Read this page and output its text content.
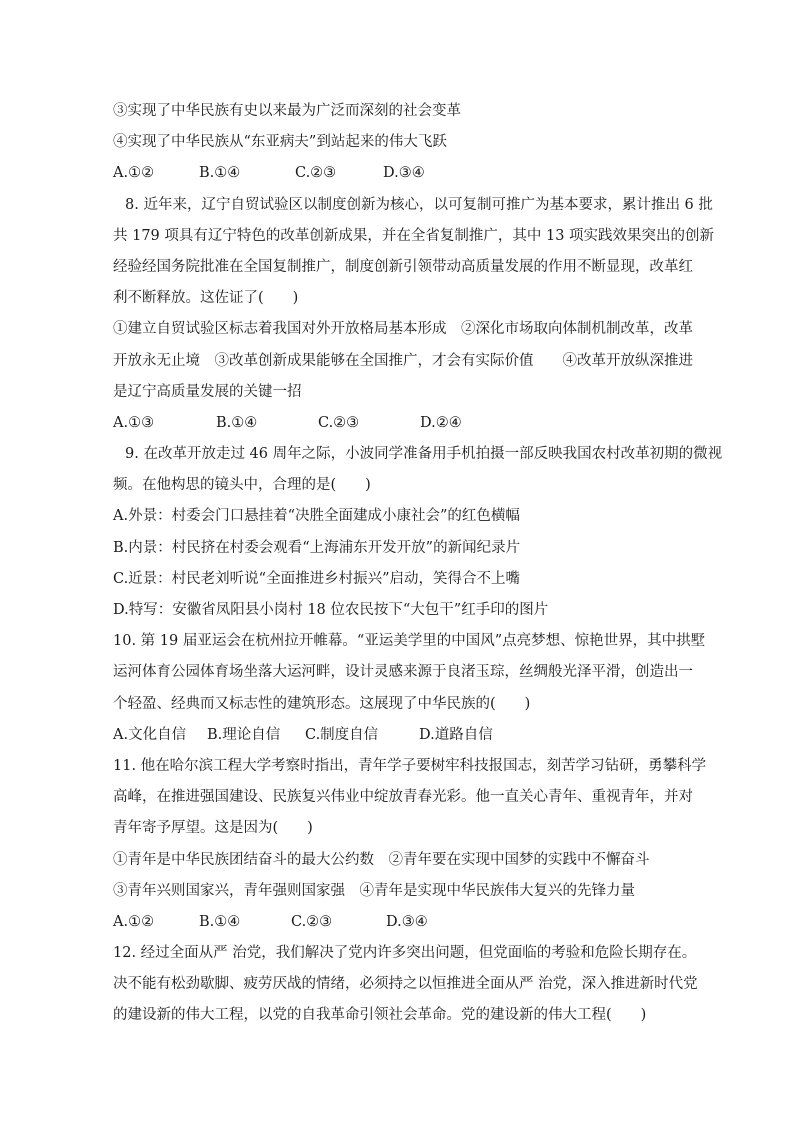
③实现了中华民族有史以来最为广泛而深刻的社会变革
④实现了中华民族从“东亚病夫”到站起来的伟大飞跃
A.①②	B.①④	C.②③	D.③④
8. 近年来，辽宁自贸试验区以制度创新为核心，以可复制可推广为基本要求，累计推出 6 批
共 179 项具有辽宁特色的改革创新成果，并在全省复制推广，其中 13 项实践效果突出的创新
经验经国务院批准在全国复制推广，制度创新引领带动高质量发展的作用不断显现，改革红
利不断释放。这佐证了(　　)
①建立自贸试验区标志着我国对外开放格局基本形成　②深化市场取向体制机制改革，改革
开放永无止境　③改革创新成果能够在全国推广，才会有实际价值　　④改革开放纵深推进
是辽宁高质量发展的关键一招
A.①③	B.①④	C.②③	D.②④
9. 在改革开放走过 46 周年之际，小波同学准备用手机拍摄一部反映我国农村改革初期的微视
频。在他构思的镜头中，合理的是(　　)
A.外景：村委会门口悬挂着“决胜全面建成小康社会”的红色横幅
B.内景：村民挤在村委会观看“上海浦东开发开放”的新闻纪录片
C.近景：村民老刘听说“全面推进乡村振兴”启动，笑得合不上嘴
D.特写：安徽省凤阳县小岗村 18 位农民按下“大包干”红手印的图片
10. 第 19 届亚运会在杭州拉开帷幕。“亚运美学里的中国风”点亮梦想、惊艳世界，其中拱墅
运河体育公园体育场坐落大运河畔，设计灵感来源于良渚玉琮，丝绸般光泽平滑，创造出一
个轻盈、经典而又标志性的建筑形态。这展现了中华民族的(　　)
A.文化自信	B.理论自信	C.制度自信	D.道路自信
11. 他在哈尔滨工程大学考察时指出，青年学子要树牢科技报国志，刻苦学习钻研，勇攀科学
高峰，在推进强国建设、民族复兴伟业中绽放青春光彩。他一直关心青年、重视青年，并对
青年寄予厚望。这是因为(　　)
①青年是中华民族团结奋斗的最大公约数　②青年要在实现中国梦的实践中不懈奋斗
③青年兴则国家兴，青年强则国家强　④青年是实现中华民族伟大复兴的先锋力量
A.①②	B.①④	C.②③	D.③④
12. 经过全面从严 治党，我们解决了党内许多突出问题，但党面临的考验和危险长期存在。
决不能有松劲歇脚、疲劳厌战的情绪，必须持之以恒推进全面从严 治党，深入推进新时代党
的建设新的伟大工程，以党的自我革命引领社会革命。党的建设新的伟大工程(　　)
